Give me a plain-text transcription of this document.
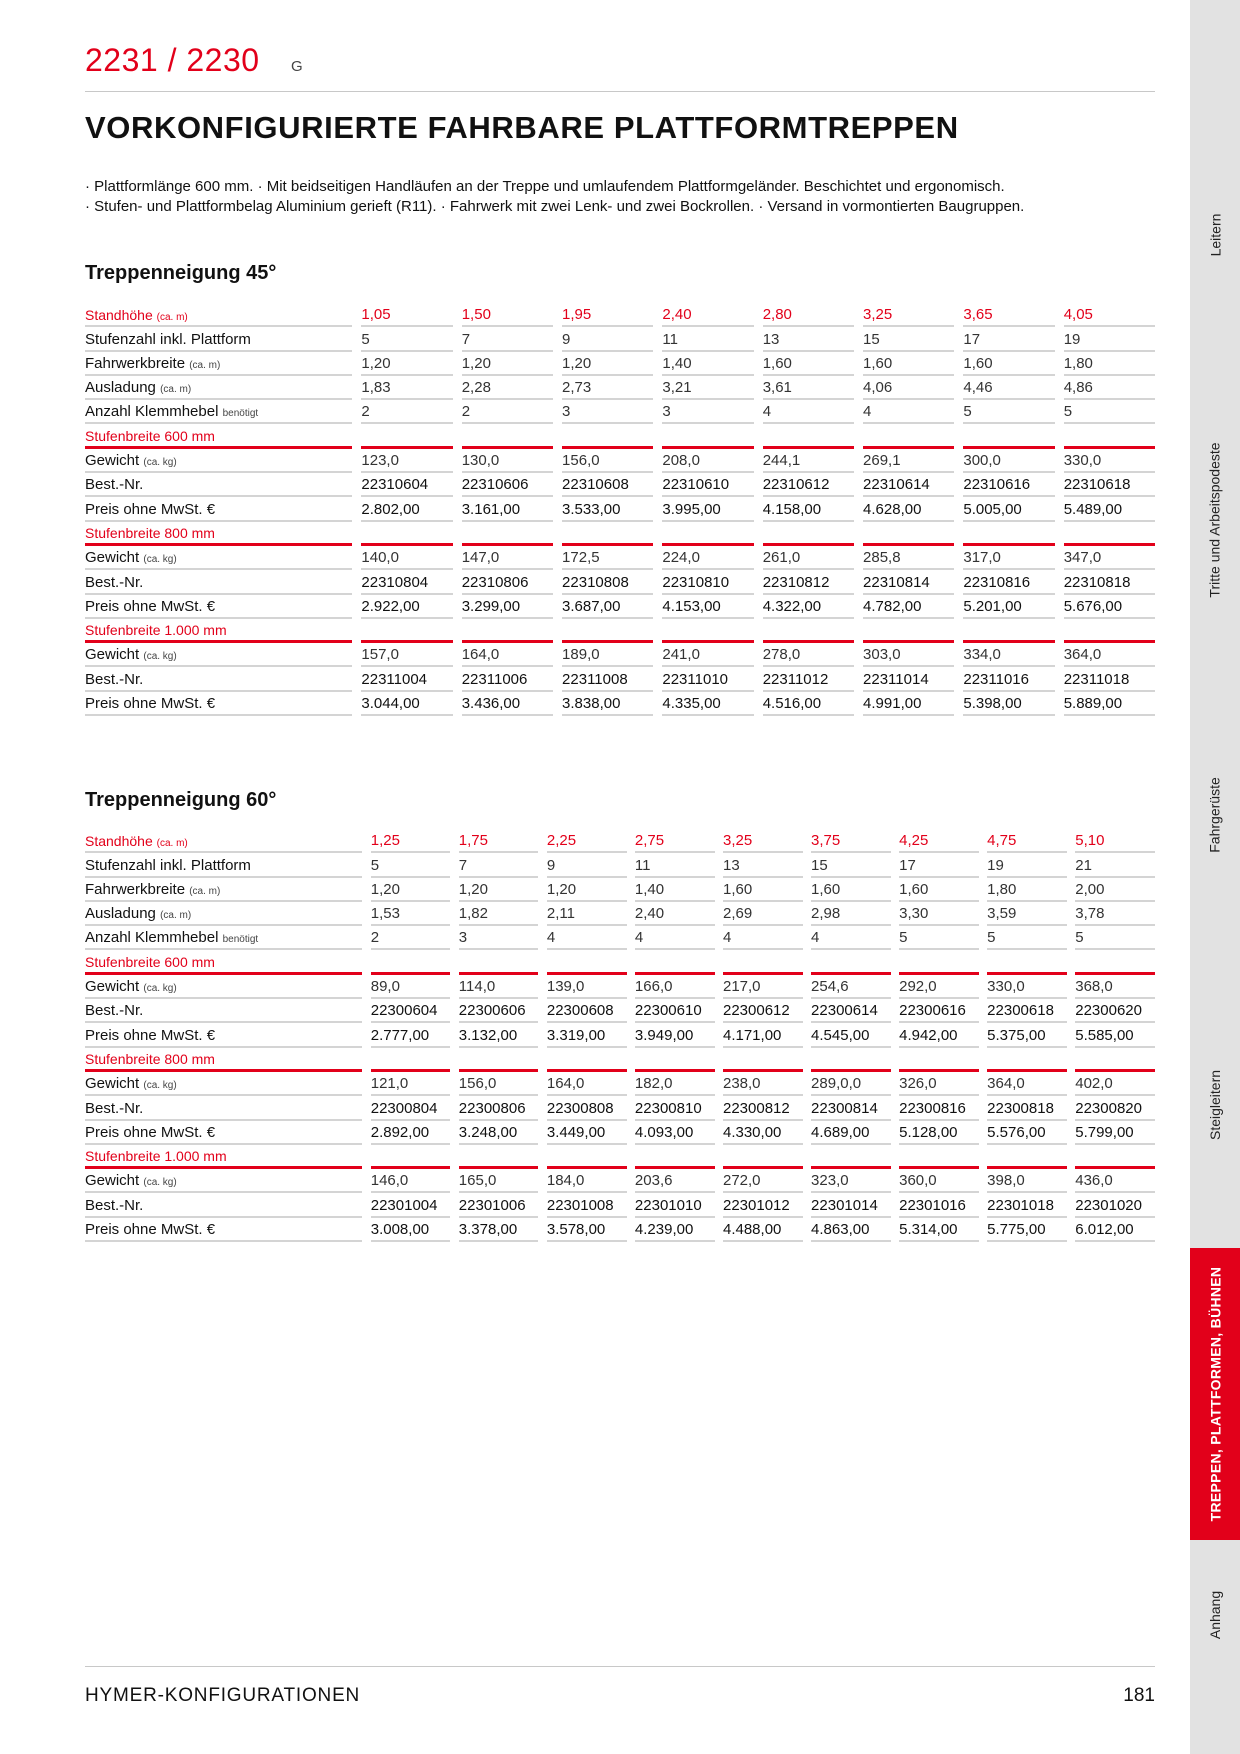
2231 / 2230 G
VORKONFIGURIERTE FAHRBARE PLATTFORMTREPPEN
· Plattformlänge 600 mm. · Mit beidseitigen Handläufen an der Treppe und umlaufendem Plattformgeländer. Beschichtet und ergonomisch.
· Stufen- und Plattformbelag Aluminium gerieft (R11). · Fahrwerk mit zwei Lenk- und zwei Bockrollen. · Versand in vormontierten Baugruppen.
Treppenneigung 45°
Standhöhe (ca. m)		1,05		1,50		1,95		2,40		2,80		3,25		3,65		4,05
Stufenzahl inkl. Plattform		5		7		9		11		13		15		17		19
Fahrwerkbreite (ca. m)		1,20		1,20		1,20		1,40		1,60		1,60		1,60		1,80
Ausladung (ca. m)		1,83		2,28		2,73		3,21		3,61		4,06		4,46		4,86
Anzahl Klemmhebel benötigt		2		2		3		3		4		4		5		5
Stufenbreite 600 mm																
Gewicht (ca. kg)		123,0		130,0		156,0		208,0		244,1		269,1		300,0		330,0
Best.-Nr.		22310604		22310606		22310608		22310610		22310612		22310614		22310616		22310618
Preis ohne MwSt. €		2.802,00		3.161,00		3.533,00		3.995,00		4.158,00		4.628,00		5.005,00		5.489,00
Stufenbreite 800 mm																
Gewicht (ca. kg)		140,0		147,0		172,5		224,0		261,0		285,8		317,0		347,0
Best.-Nr.		22310804		22310806		22310808		22310810		22310812		22310814		22310816		22310818
Preis ohne MwSt. €		2.922,00		3.299,00		3.687,00		4.153,00		4.322,00		4.782,00		5.201,00		5.676,00
Stufenbreite 1.000 mm																
Gewicht (ca. kg)		157,0		164,0		189,0		241,0		278,0		303,0		334,0		364,0
Best.-Nr.		22311004		22311006		22311008		22311010		22311012		22311014		22311016		22311018
Preis ohne MwSt. €		3.044,00		3.436,00		3.838,00		4.335,00		4.516,00		4.991,00		5.398,00		5.889,00
Treppenneigung 60°
Standhöhe (ca. m)		1,25		1,75		2,25		2,75		3,25		3,75		4,25		4,75		5,10
Stufenzahl inkl. Plattform		5		7		9		11		13		15		17		19		21
Fahrwerkbreite (ca. m)		1,20		1,20		1,20		1,40		1,60		1,60		1,60		1,80		2,00
Ausladung (ca. m)		1,53		1,82		2,11		2,40		2,69		2,98		3,30		3,59		3,78
Anzahl Klemmhebel benötigt		2		3		4		4		4		4		5		5		5
Stufenbreite 600 mm																		
Gewicht (ca. kg)		89,0		114,0		139,0		166,0		217,0		254,6		292,0		330,0		368,0
Best.-Nr.		22300604		22300606		22300608		22300610		22300612		22300614		22300616		22300618		22300620
Preis ohne MwSt. €		2.777,00		3.132,00		3.319,00		3.949,00		4.171,00		4.545,00		4.942,00		5.375,00		5.585,00
Stufenbreite 800 mm																		
Gewicht (ca. kg)		121,0		156,0		164,0		182,0		238,0		289,0,0		326,0		364,0		402,0
Best.-Nr.		22300804		22300806		22300808		22300810		22300812		22300814		22300816		22300818		22300820
Preis ohne MwSt. €		2.892,00		3.248,00		3.449,00		4.093,00		4.330,00		4.689,00		5.128,00		5.576,00		5.799,00
Stufenbreite 1.000 mm																		
Gewicht (ca. kg)		146,0		165,0		184,0		203,6		272,0		323,0		360,0		398,0		436,0
Best.-Nr.		22301004		22301006		22301008		22301010		22301012		22301014		22301016		22301018		22301020
Preis ohne MwSt. €		3.008,00		3.378,00		3.578,00		4.239,00		4.488,00		4.863,00		5.314,00		5.775,00		6.012,00
Leitern
Tritte und Arbeitspodeste
Fahrgerüste
Steigleitern
TREPPEN, PLATTFORMEN, BÜHNEN
Anhang
HYMER-KONFIGURATIONEN	181
